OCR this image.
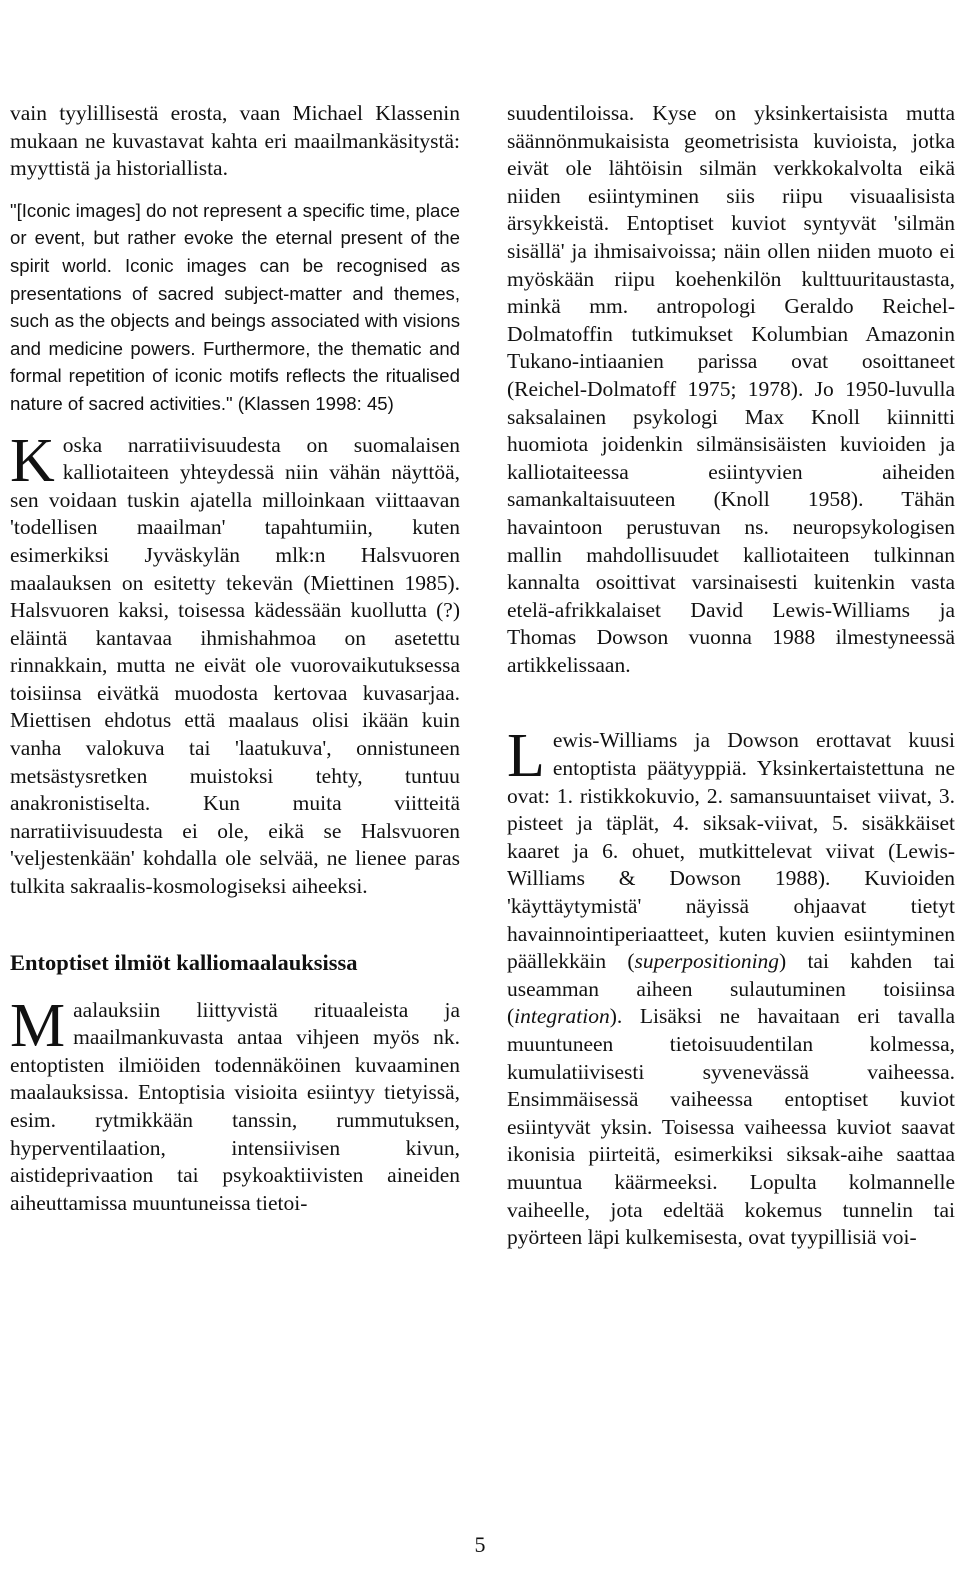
vain tyylillisestä erosta, vaan Michael Klassenin mukaan ne kuvastavat kahta eri maailmankäsitystä: myyttistä ja historiallista.

"[Iconic images] do not represent a specific time, place or event, but rather evoke the eternal present of the spirit world. Iconic images can be recognised as presentations of sacred subject-matter and themes, such as the objects and beings associated with visions and medicine powers. Furthermore, the thematic and formal repetition of iconic motifs reflects the ritualised nature of sacred activities." (Klassen 1998: 45)

Koska narratiivisuudesta on suomalaisen kalliotaiteen yhteydessä niin vähän näyttöä, sen voidaan tuskin ajatella milloinkaan viittaavan 'todellisen maailman' tapahtumiin, kuten esimerkiksi Jyväskylän mlk:n Halsvuoren maalauksen on esitetty tekevän (Miettinen 1985). Halsvuoren kaksi, toisessa kädessään kuollutta (?) eläintä kantavaa ihmishahmoa on asetettu rinnakkain, mutta ne eivät ole vuorovaikutuksessa toisiinsa eivätkä muodosta kertovaa kuvasarjaa. Miettisen ehdotus että maalaus olisi ikään kuin vanha valokuva tai 'laatukuva', onnistuneen metsästysretken muistoksi tehty, tuntuu anakronistiselta. Kun muita viitteitä narratiivisuudesta ei ole, eikä se Halsvuoren 'veljestenkään' kohdalla ole selvää, ne lienee paras tulkita sakraalis-kosmologiseksi aiheeksi.

Entoptiset ilmiöt kalliomaalauksissa

Maalauksiin liittyvistä rituaaleista ja maailmankuvasta antaa vihjeen myös nk. entoptisten ilmiöiden todennäköinen kuvaaminen maalauksissa. Entoptisia visioita esiintyy tietyissä, esim. rytmikkään tanssin, rummutuksen, hyperventilaation, intensiivisen kivun, aistideprivaation tai psykoaktiivisten aineiden aiheuttamissa muuntuneissa tietoi-

suudentiloissa. Kyse on yksinkertaisista mutta säännönmukaisista geometrisista kuvioista, jotka eivät ole lähtöisin silmän verkkokalvolta eikä niiden esiintyminen siis riipu visuaalisista ärsykkeistä. Entoptiset kuviot syntyvät 'silmän sisällä' ja ihmisaivoissa; näin ollen niiden muoto ei myöskään riipu koehenkilön kulttuuritaustasta, minkä mm. antropologi Geraldo Reichel-Dolmatoffin tutkimukset Kolumbian Amazonin Tukano-intiaanien parissa ovat osoittaneet (Reichel-Dolmatoff 1975; 1978). Jo 1950-luvulla saksalainen psykologi Max Knoll kiinnitti huomiota joidenkin silmänsisäisten kuvioiden ja kalliotaiteessa esiintyvien aiheiden samankaltaisuuteen (Knoll 1958). Tähän havaintoon perustuvan ns. neuropsykologisen mallin mahdollisuudet kalliotaiteen tulkinnan kannalta osoittivat varsinaisesti kuitenkin vasta etelä-afrikkalaiset David Lewis-Williams ja Thomas Dowson vuonna 1988 ilmestyneessä artikkelissaan.

Lewis-Williams ja Dowson erottavat kuusi entoptista päätyyppiä. Yksinkertaistettuna ne ovat: 1. ristikkokuvio, 2. samansuuntaiset viivat, 3. pisteet ja täplät, 4. siksak-viivat, 5. sisäkkäiset kaaret ja 6. ohuet, mutkittelevat viivat (Lewis-Williams & Dowson 1988). Kuvioiden 'käyttäytymistä' näyissä ohjaavat tietyt havainnointiperiaatteet, kuten kuvien esiintyminen päällekkäin (superpositioning) tai kahden tai useamman aiheen sulautuminen toisiinsa (integration). Lisäksi ne havaitaan eri tavalla muuntuneen tietoisuudentilan kolmessa, kumulatiivisesti syvenevässä vaiheessa. Ensimmäisessä vaiheessa entoptiset kuviot esiintyvät yksin. Toisessa vaiheessa kuviot saavat ikonisia piirteitä, esimerkiksi siksak-aihe saattaa muuntua käärmeeksi. Lopulta kolmannelle vaiheelle, jota edeltää kokemus tunnelin tai pyörteen läpi kulkemisesta, ovat tyypillisiä voi-

5
